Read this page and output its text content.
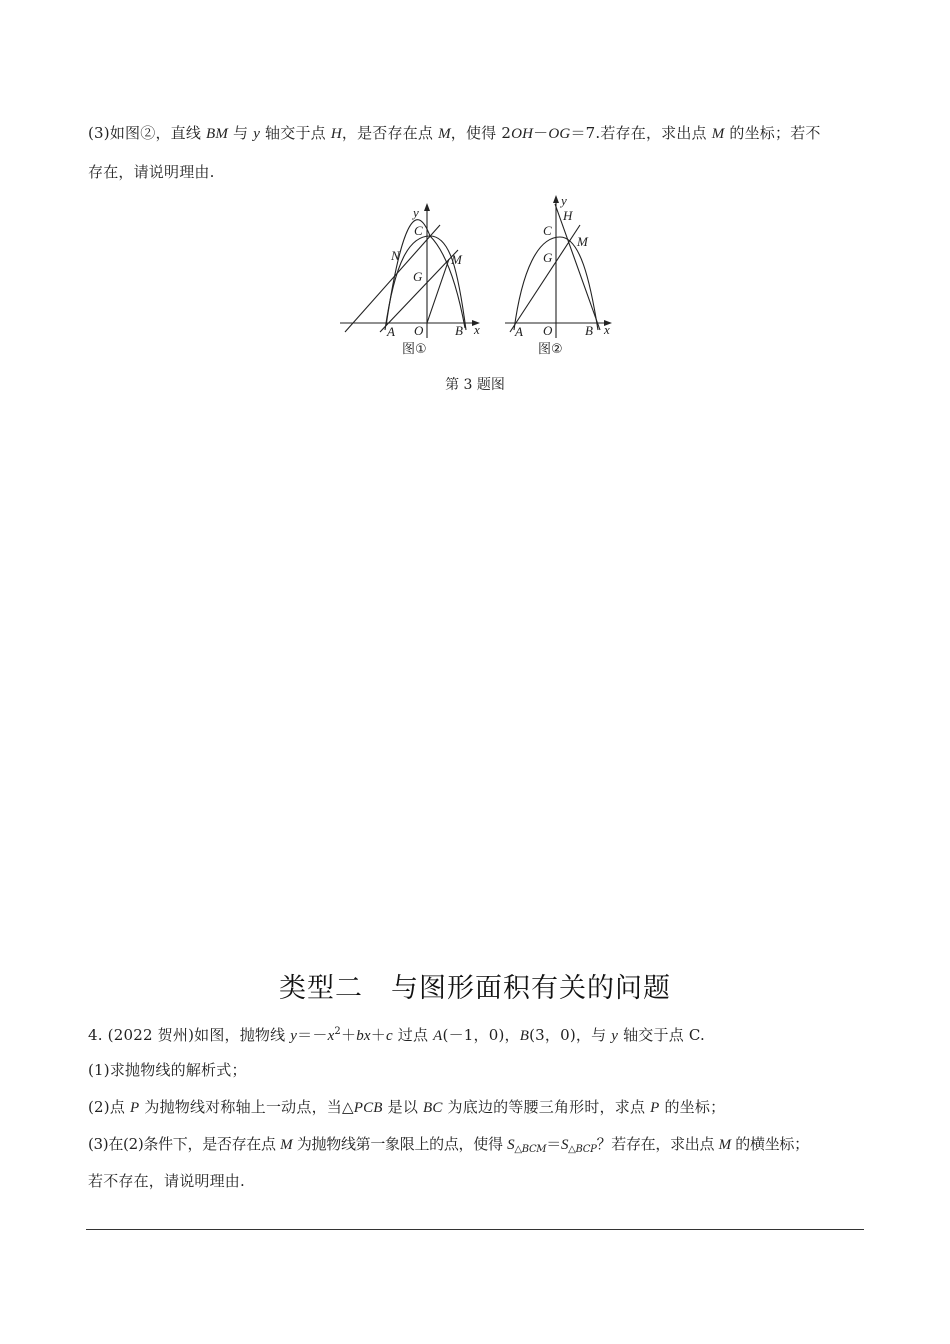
(3)如图②，直线 BM 与 y 轴交于点 H，是否存在点 M，使得 2OH－OG＝7.若存在，求出点 M 的坐标；若不
存在，请说明理由.
y
C
N
G
M
A O B x
图①
y
H
C
M
G
A O	B x
图②
第 3 题图
类型二　与图形面积有关的问题
4. (2022 贺州)如图，抛物线 $y=-x^2+bx+c$ 过点 A(－1，0)，B(3，0)，与 y 轴交于点 C.
(1)求抛物线的解析式；
(2)点 P 为抛物线对称轴上一动点，当△PCB 是以 BC 为底边的等腰三角形时，求点 P 的坐标；
(3)在(2)条件下，是否存在点 M 为抛物线第一象限上的点，使得 $S_{\triangle BCM}=S_{\triangle BCP}$？若存在，求出点 M 的横坐标；
若不存在，请说明理由.
